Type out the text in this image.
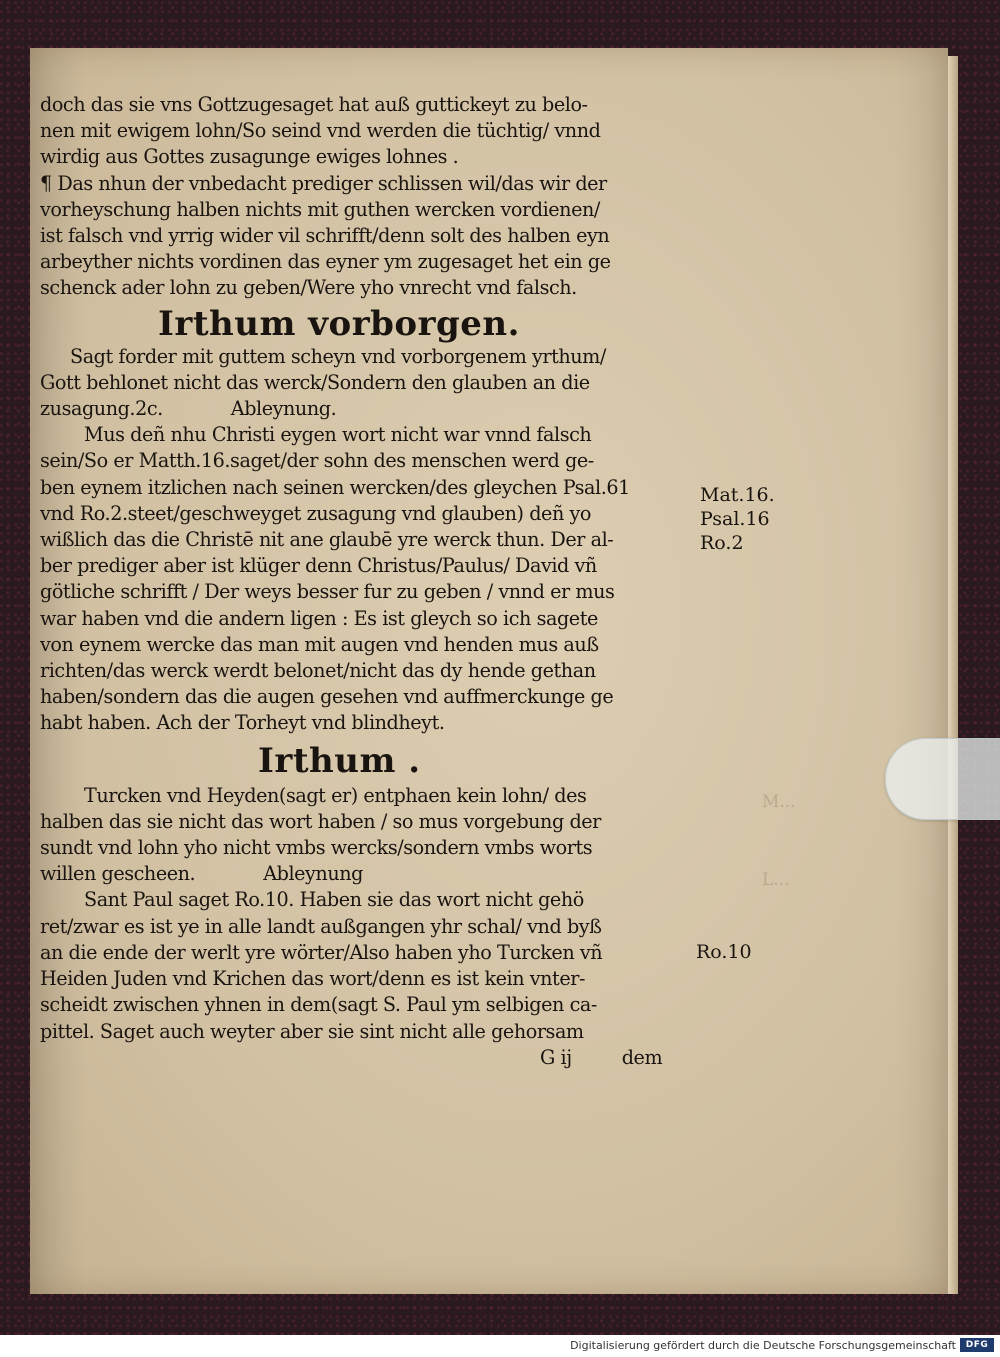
M...
L...
doch das sie vns Gottzugesaget hat auß guttickeyt zu belo-
nen mit ewigem lohn/So seind vnd werden die tüchtig/ vnnd
wirdig aus Gottes zusagunge ewiges lohnes .
¶ Das nhun der vnbedacht prediger schlissen wil/das wir der
vorheyschung halben nichts mit guthen wercken vordienen/
ist falsch vnd yrrig wider vil schrifft/denn solt des halben eyn
arbeyther nichts vordinen das eyner ym zugesaget het ein ge
schenck ader lohn zu geben/Were yho vnrecht vnd falsch.
Irthum vorborgen.
Sagt forder mit guttem scheyn vnd vorborgenem yrthum/
Gott behlonet nicht das werck/Sondern den glauben an die
zusagung.2c.	Ableynung.
Mus deñ nhu Christi eygen wort nicht war vnnd falsch
sein/So er Matth.16.saget/der sohn des menschen werd ge-
ben eynem itzlichen nach seinen wercken/des gleychen Psal.61
vnd Ro.2.steet/geschweyget zusagung vnd glauben) deñ yo
wißlich das die Christē nit ane glaubē yre werck thun. Der al-
ber prediger aber ist klüger denn Christus/Paulus/ David vñ
götliche schrifft / Der weys besser fur zu geben / vnnd er mus
war haben vnd die andern ligen : Es ist gleych so ich sagete
von eynem wercke das man mit augen vnd henden mus auß
richten/das werck werdt belonet/nicht das dy hende gethan
haben/sondern das die augen gesehen vnd auffmerckunge ge
habt haben. Ach der Torheyt vnd blindheyt.
Irthum .
Turcken vnd Heyden(sagt er) entphaen kein lohn/ des
halben das sie nicht das wort haben / so mus vorgebung der
sundt vnd lohn yho nicht vmbs wercks/sondern vmbs worts
willen gescheen.	Ableynung
Sant Paul saget Ro.10. Haben sie das wort nicht gehö
ret/zwar es ist ye in alle landt außgangen yhr schal/ vnd byß
an die ende der werlt yre wörter/Also haben yho Turcken vñ
Heiden Juden vnd Krichen das wort/denn es ist kein vnter-
scheidt zwischen yhnen in dem(sagt S. Paul ym selbigen ca-
pittel. Saget auch weyter aber sie sint nicht alle gehorsam
G ij	dem
Mat.16.
Psal.16
Ro.2
Ro.10
Digitalisierung gefördert durch die Deutsche Forschungsgemeinschaft	DFG
